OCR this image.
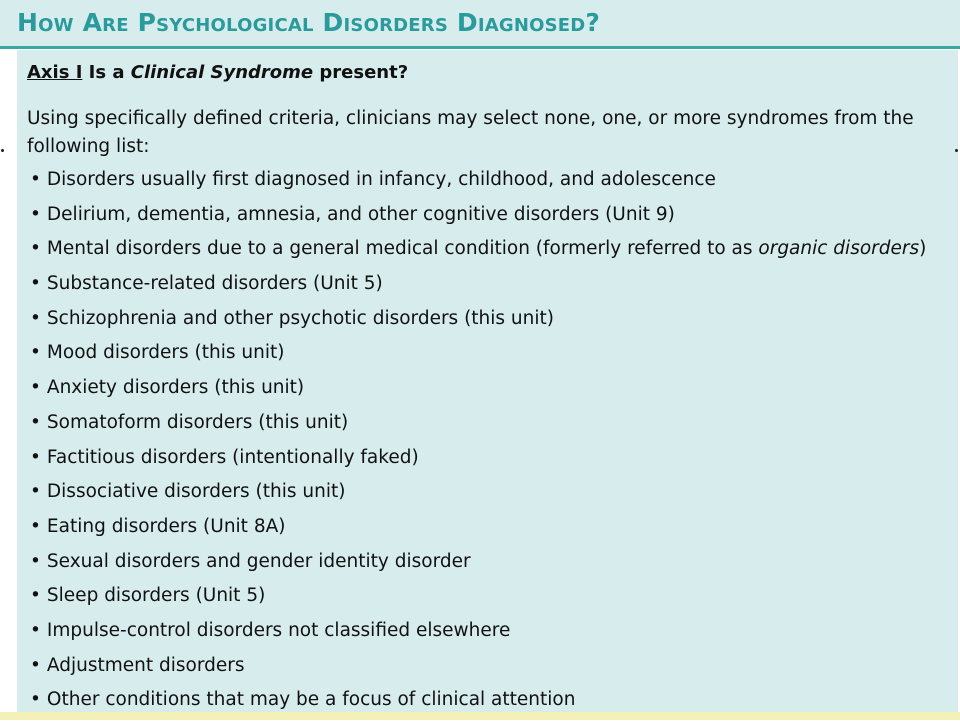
How Are Psychological Disorders Diagnosed?
Axis I Is a Clinical Syndrome present?
Using specifically defined criteria, clinicians may select none, one, or more syndromes from the following list:
• Disorders usually first diagnosed in infancy, childhood, and adolescence
• Delirium, dementia, amnesia, and other cognitive disorders (Unit 9)
• Mental disorders due to a general medical condition (formerly referred to as organic disorders)
• Substance-related disorders (Unit 5)
• Schizophrenia and other psychotic disorders (this unit)
• Mood disorders (this unit)
• Anxiety disorders (this unit)
• Somatoform disorders (this unit)
• Factitious disorders (intentionally faked)
• Dissociative disorders (this unit)
• Eating disorders (Unit 8A)
• Sexual disorders and gender identity disorder
• Sleep disorders (Unit 5)
• Impulse-control disorders not classified elsewhere
• Adjustment disorders
• Other conditions that may be a focus of clinical attention
